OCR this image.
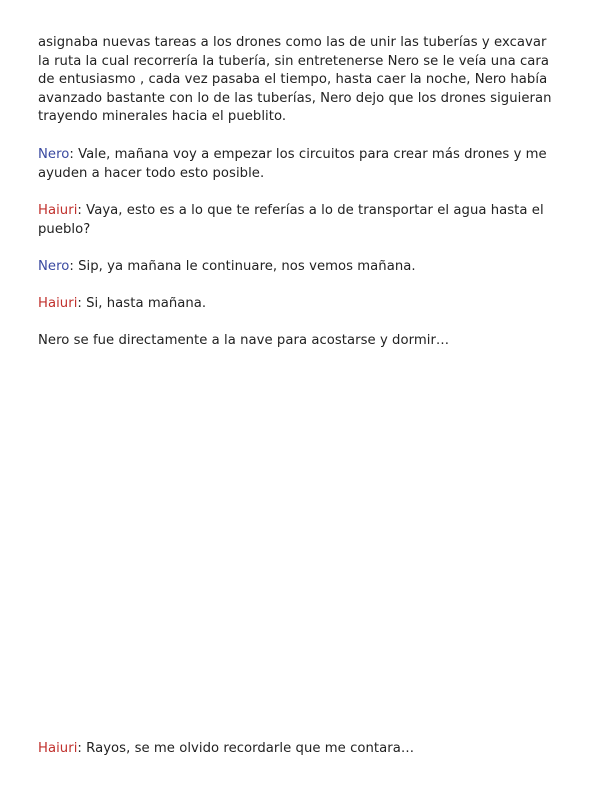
asignaba nuevas tareas a los drones como las de unir las tuberías y excavar la ruta la cual recorrería la tubería, sin entretenerse Nero se le veía una cara de entusiasmo , cada vez pasaba el tiempo, hasta caer la noche, Nero había avanzado bastante con lo de las tuberías, Nero dejo que los drones siguieran trayendo minerales hacia el pueblito.

Nero: Vale, mañana voy a empezar los circuitos para crear más drones y me ayuden a hacer todo esto posible.

Haiuri: Vaya, esto es a lo que te referías a lo de transportar el agua hasta el pueblo?

Nero: Sip, ya mañana le continuare, nos vemos mañana.

Haiuri: Si, hasta mañana.

Nero se fue directamente a la nave para acostarse y dormir…

Haiuri: Rayos, se me olvido recordarle que me contara…
